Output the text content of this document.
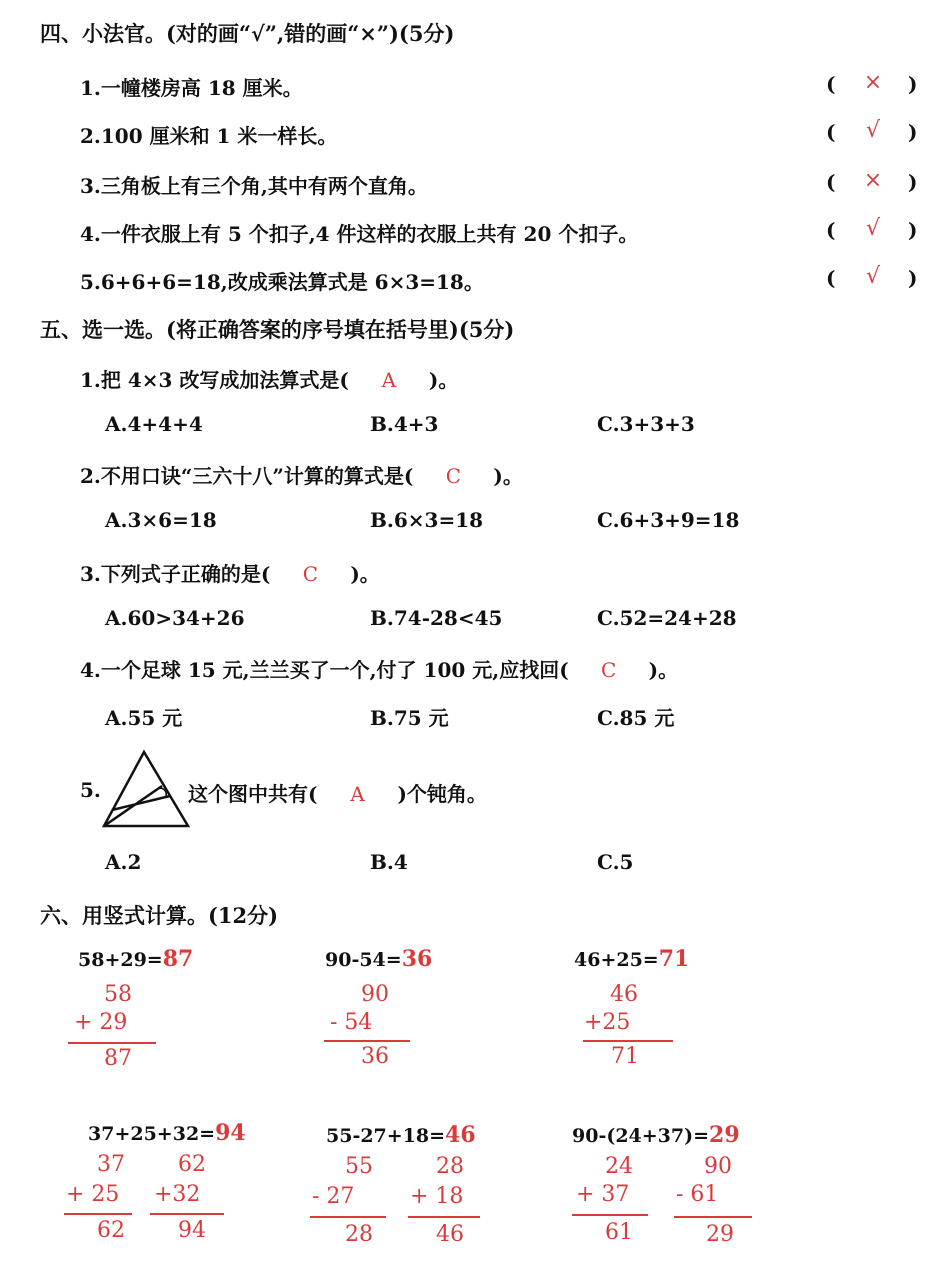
四、小法官。(对的画“√”,错的画“×”)(5分)
1.一幢楼房高 18 厘米。	(	×	)
2.100 厘米和 1 米一样长。	(	√	)
3.三角板上有三个角,其中有两个直角。	(	×	)
4.一件衣服上有 5 个扣子,4 件这样的衣服上共有 20 个扣子。	(	√	)
5.6+6+6=18,改成乘法算式是 6×3=18。	(	√	)
五、选一选。(将正确答案的序号填在括号里)(5分)
1.把 4×3 改写成加法算式是( A )。
A.4+4+4	B.4+3	C.3+3+3
2.不用口诀“三六十八”计算的算式是( C )。
A.3×6=18	B.6×3=18	C.6+3+9=18
3.下列式子正确的是( C )。
A.60>34+26	B.74-28<45	C.52=24+28
4.一个足球 15 元,兰兰买了一个,付了 100 元,应找回( C )。
A.55 元	B.75 元	C.85 元
5.	这个图中共有( A )个钝角。
A.2	B.4	C.5
六、用竖式计算。(12分)
58+29=87
58
+ 29
87
90-54=36
90
- 54
36
46+25=71
46
+25
71
37+25+32=94
37
+ 25
62
62
+32
94
55-27+18=46
55
- 27
28
28
+ 18
46
90-(24+37)=29
24
+ 37
61
90
- 61
29
